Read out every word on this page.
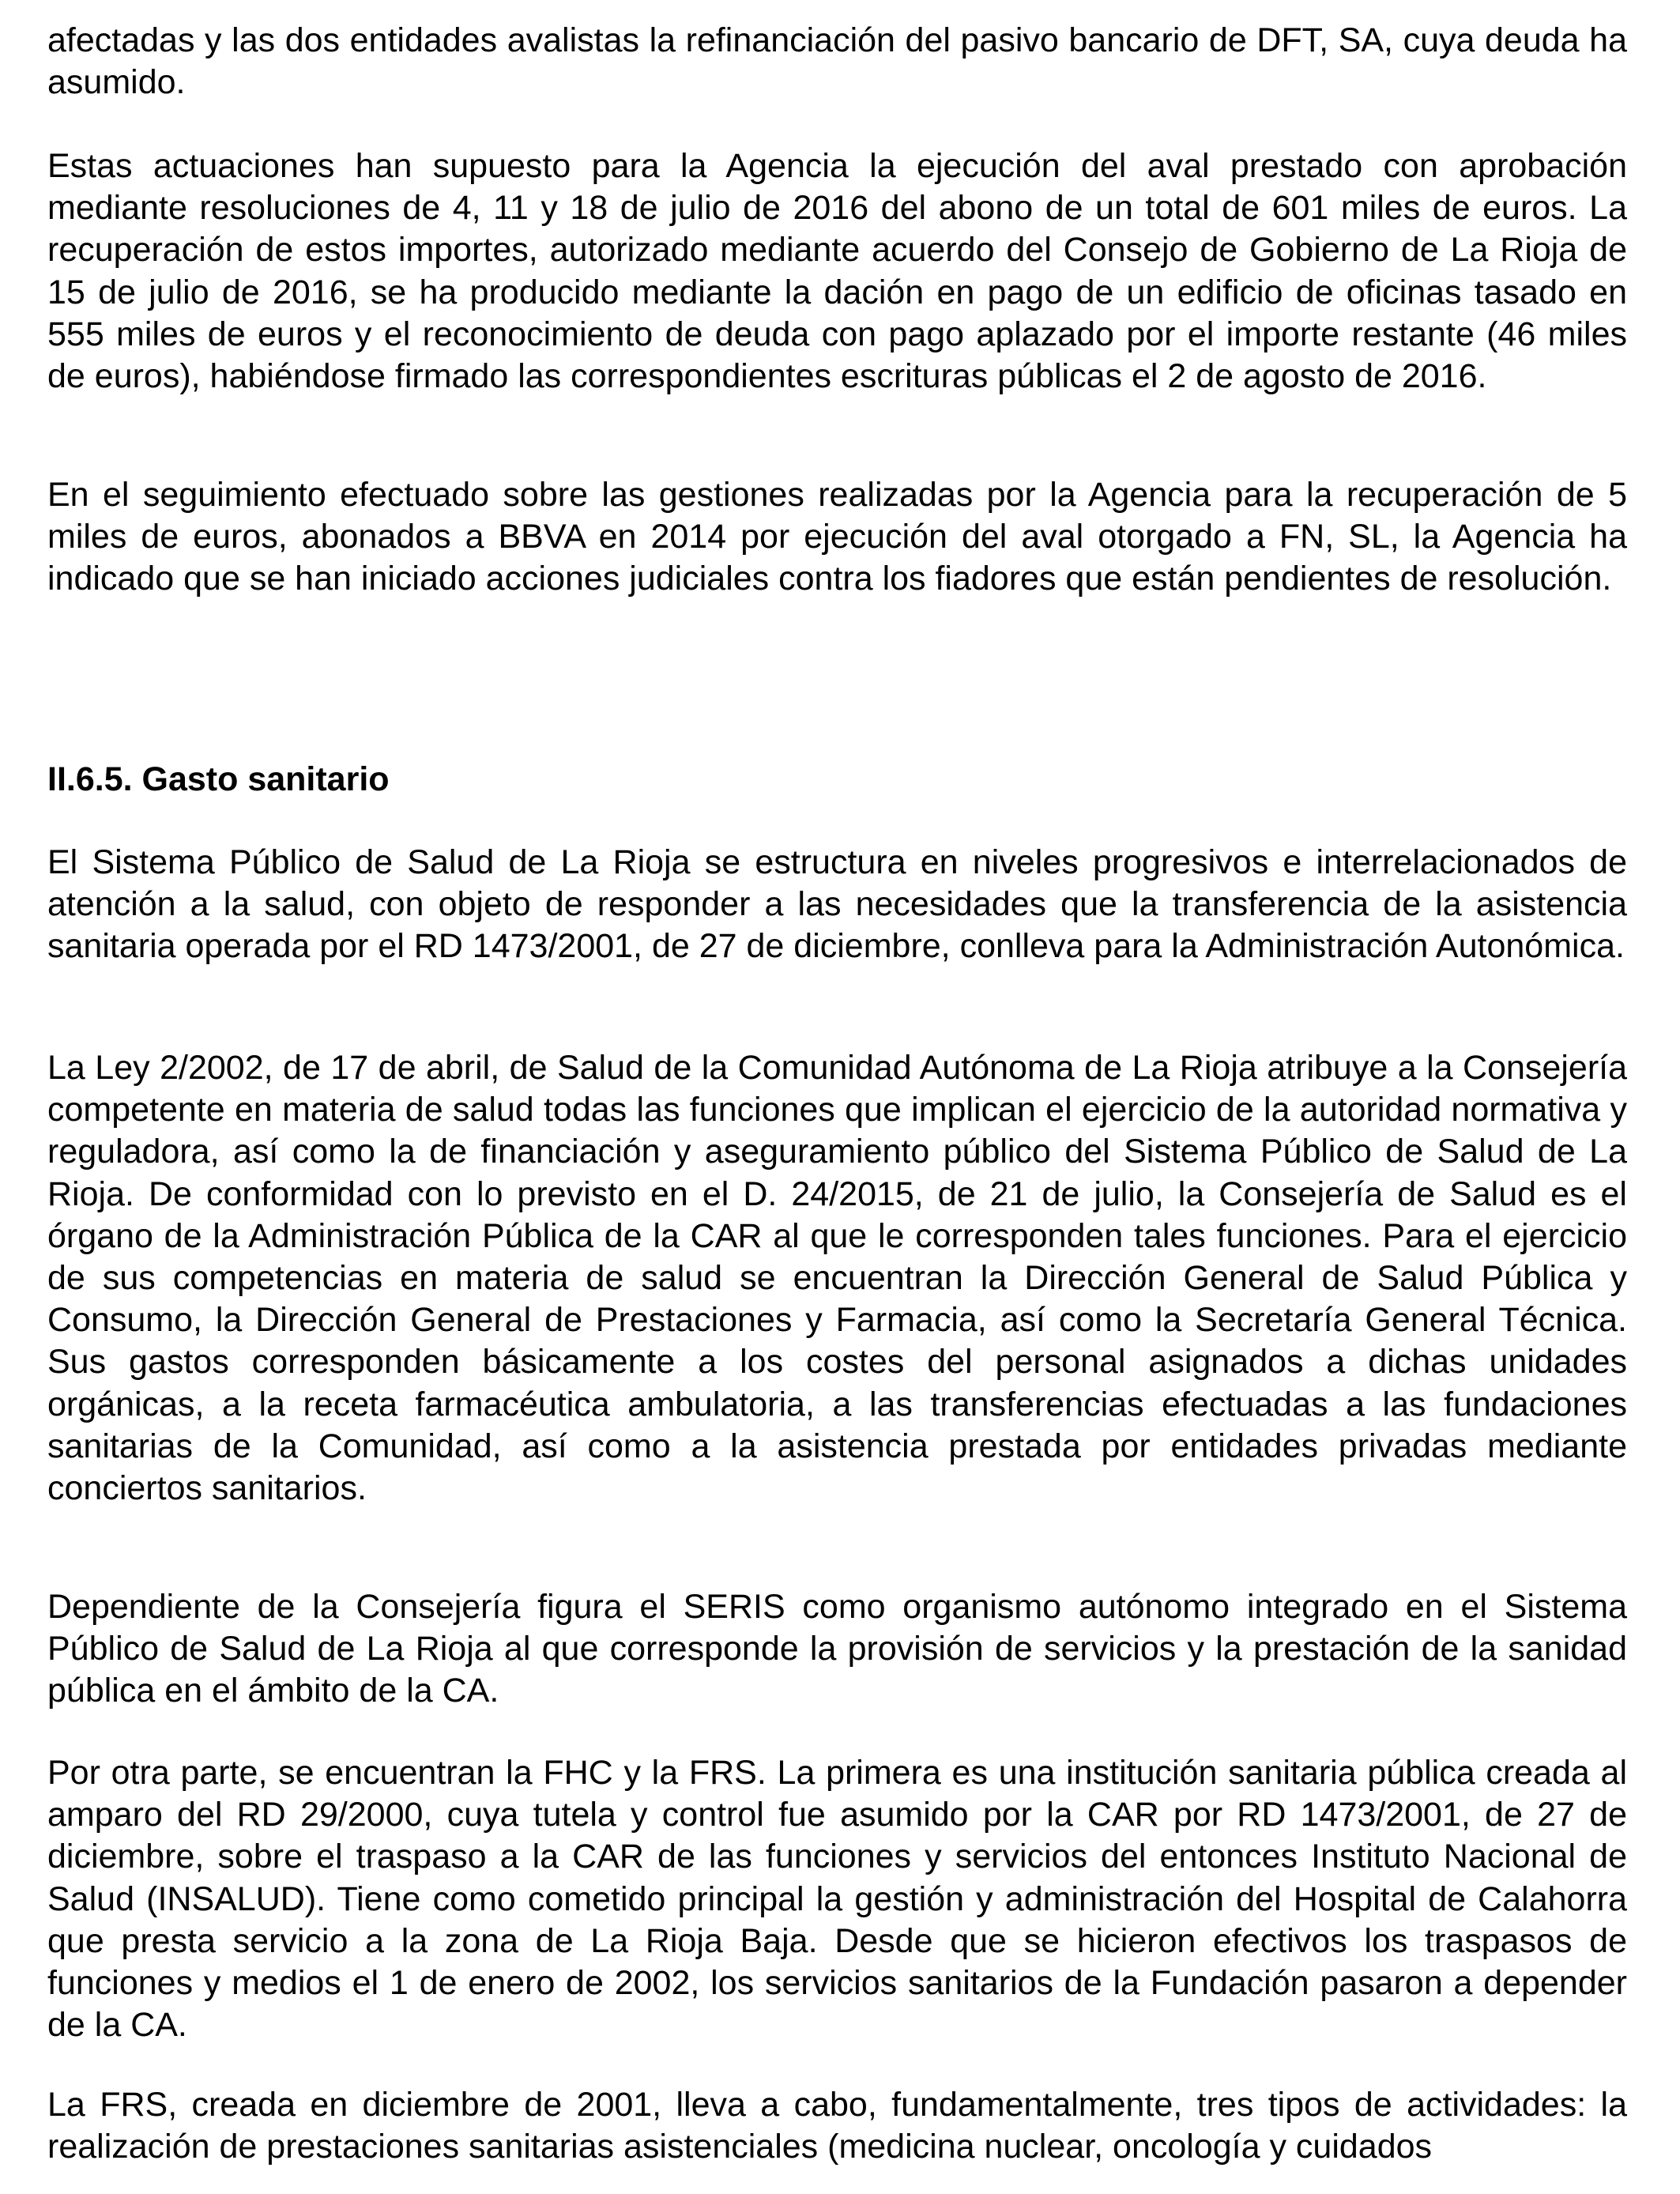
afectadas y las dos entidades avalistas la refinanciación del pasivo bancario de DFT, SA, cuya deuda ha asumido.

Estas actuaciones han supuesto para la Agencia la ejecución del aval prestado con aprobación mediante resoluciones de 4, 11 y 18 de julio de 2016 del abono de un total de 601 miles de euros. La recuperación de estos importes, autorizado mediante acuerdo del Consejo de Gobierno de La Rioja de 15 de julio de 2016, se ha producido mediante la dación en pago de un edificio de oficinas tasado en 555 miles de euros y el reconocimiento de deuda con pago aplazado por el importe restante (46 miles de euros), habiéndose firmado las correspondientes escrituras públicas el 2 de agosto de 2016.

En el seguimiento efectuado sobre las gestiones realizadas por la Agencia para la recuperación de 5 miles de euros, abonados a BBVA en 2014 por ejecución del aval otorgado a FN, SL, la Agencia ha indicado que se han iniciado acciones judiciales contra los fiadores que están pendientes de resolución.

II.6.5. Gasto sanitario

El Sistema Público de Salud de La Rioja se estructura en niveles progresivos e interrelacionados de atención a la salud, con objeto de responder a las necesidades que la transferencia de la asistencia sanitaria operada por el RD 1473/2001, de 27 de diciembre, conlleva para la Administración Autonómica.

La Ley 2/2002, de 17 de abril, de Salud de la Comunidad Autónoma de La Rioja atribuye a la Consejería competente en materia de salud todas las funciones que implican el ejercicio de la autoridad normativa y reguladora, así como la de financiación y aseguramiento público del Sistema Público de Salud de La Rioja. De conformidad con lo previsto en el D. 24/2015, de 21 de julio, la Consejería de Salud es el órgano de la Administración Pública de la CAR al que le corresponden tales funciones. Para el ejercicio de sus competencias en materia de salud se encuentran la Dirección General de Salud Pública y Consumo, la Dirección General de Prestaciones y Farmacia, así como la Secretaría General Técnica. Sus gastos corresponden básicamente a los costes del personal asignados a dichas unidades orgánicas, a la receta farmacéutica ambulatoria, a las transferencias efectuadas a las fundaciones sanitarias de la Comunidad, así como a la asistencia prestada por entidades privadas mediante conciertos sanitarios.

Dependiente de la Consejería figura el SERIS como organismo autónomo integrado en el Sistema Público de Salud de La Rioja al que corresponde la provisión de servicios y la prestación de la sanidad pública en el ámbito de la CA.

Por otra parte, se encuentran la FHC y la FRS. La primera es una institución sanitaria pública creada al amparo del RD 29/2000, cuya tutela y control fue asumido por la CAR por RD 1473/2001, de 27 de diciembre, sobre el traspaso a la CAR de las funciones y servicios del entonces Instituto Nacional de Salud (INSALUD). Tiene como cometido principal la gestión y administración del Hospital de Calahorra que presta servicio a la zona de La Rioja Baja. Desde que se hicieron efectivos los traspasos de funciones y medios el 1 de enero de 2002, los servicios sanitarios de la Fundación pasaron a depender de la CA.

La FRS, creada en diciembre de 2001, lleva a cabo, fundamentalmente, tres tipos de actividades: la realización de prestaciones sanitarias asistenciales (medicina nuclear, oncología y cuidados
